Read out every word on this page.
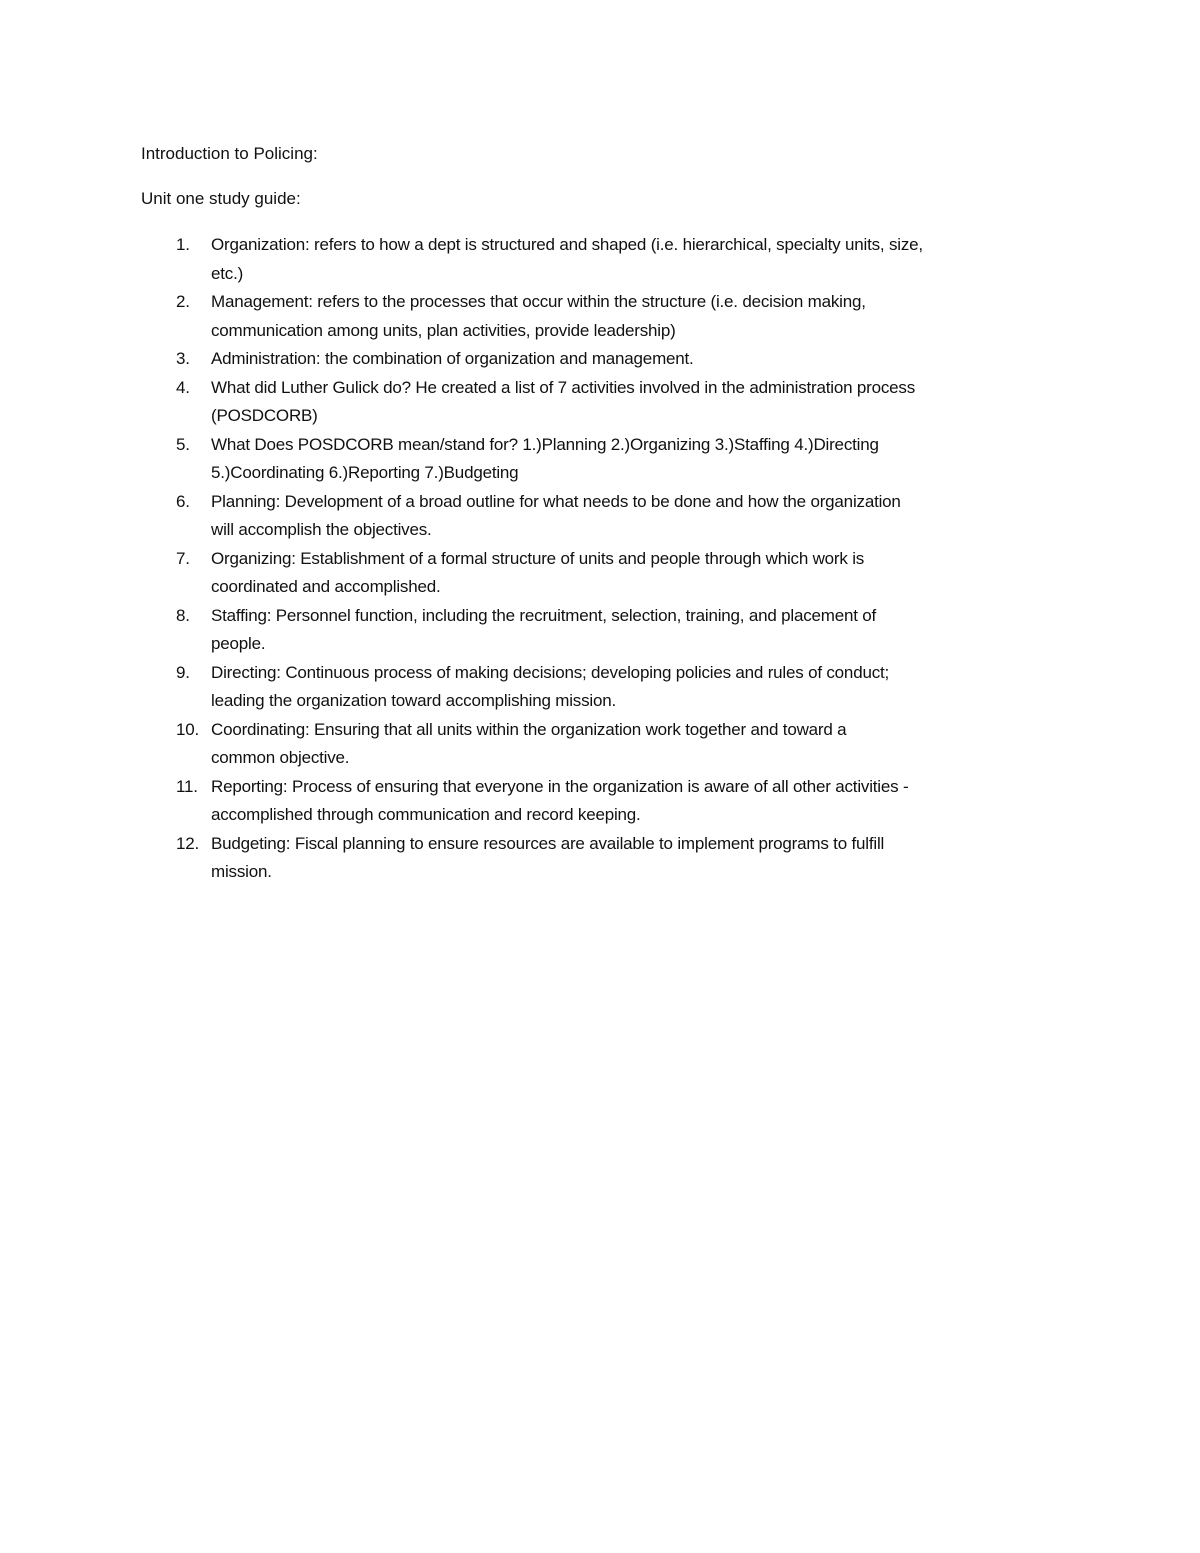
Introduction to Policing:
Unit one study guide:
1. Organization: refers to how a dept is structured and shaped (i.e. hierarchical, specialty units, size,
etc.)
2. Management: refers to the processes that occur within the structure (i.e. decision making,
communication among units, plan activities, provide leadership)
3. Administration: the combination of organization and management.
4. What did Luther Gulick do? He created a list of 7 activities involved in the administration process
(POSDCORB)
5. What Does POSDCORB mean/stand for? 1.)Planning 2.)Organizing 3.)Staffing 4.)Directing
5.)Coordinating 6.)Reporting 7.)Budgeting
6. Planning: Development of a broad outline for what needs to be done and how the organization
will accomplish the objectives.
7. Organizing: Establishment of a formal structure of units and people through which work is
coordinated and accomplished.
8. Staffing: Personnel function, including the recruitment, selection, training, and placement of
people.
9. Directing: Continuous process of making decisions; developing policies and rules of conduct;
leading the organization toward accomplishing mission.
10. Coordinating: Ensuring that all units within the organization work together and toward a
common objective.
11. Reporting: Process of ensuring that everyone in the organization is aware of all other activities -
accomplished through communication and record keeping.
12. Budgeting: Fiscal planning to ensure resources are available to implement programs to fulfill
mission.
